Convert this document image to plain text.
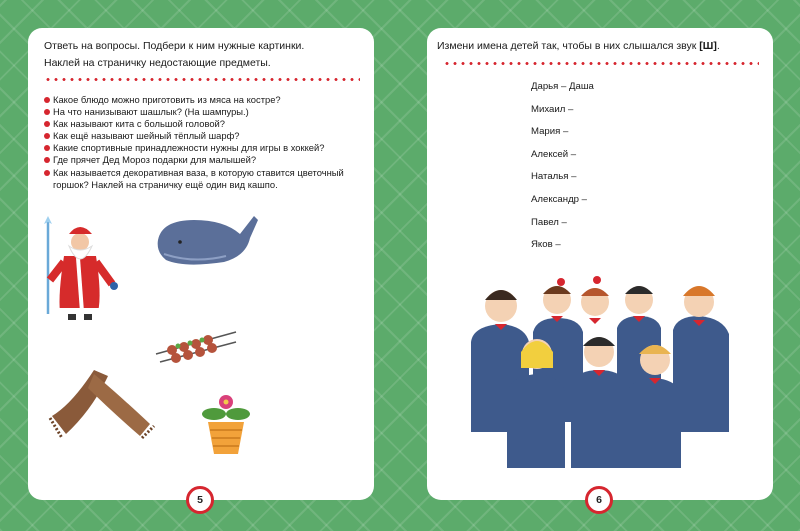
Ответь на вопросы. Подбери к ним нужные картинки.
Наклей на страничку недостающие предметы.
Какое блюдо можно приготовить из мяса на костре?
На что нанизывают шашлык? (На шампуры.)
Как называют кита с большой головой?
Как ещё называют шейный тёплый шарф?
Какие спортивные принадлежности нужны для игры в хоккей?
Где прячет Дед Мороз подарки для малышей?
Как называется декоративная ваза, в которую ставится цветочный горшок? Наклей на страничку ещё один вид кашпо.
5
Измени имена детей так, чтобы в них слышался звук [Ш].
Дарья – Даша
Михаил –
Мария –
Алексей –
Наталья –
Александр –
Павел –
Яков –
6
